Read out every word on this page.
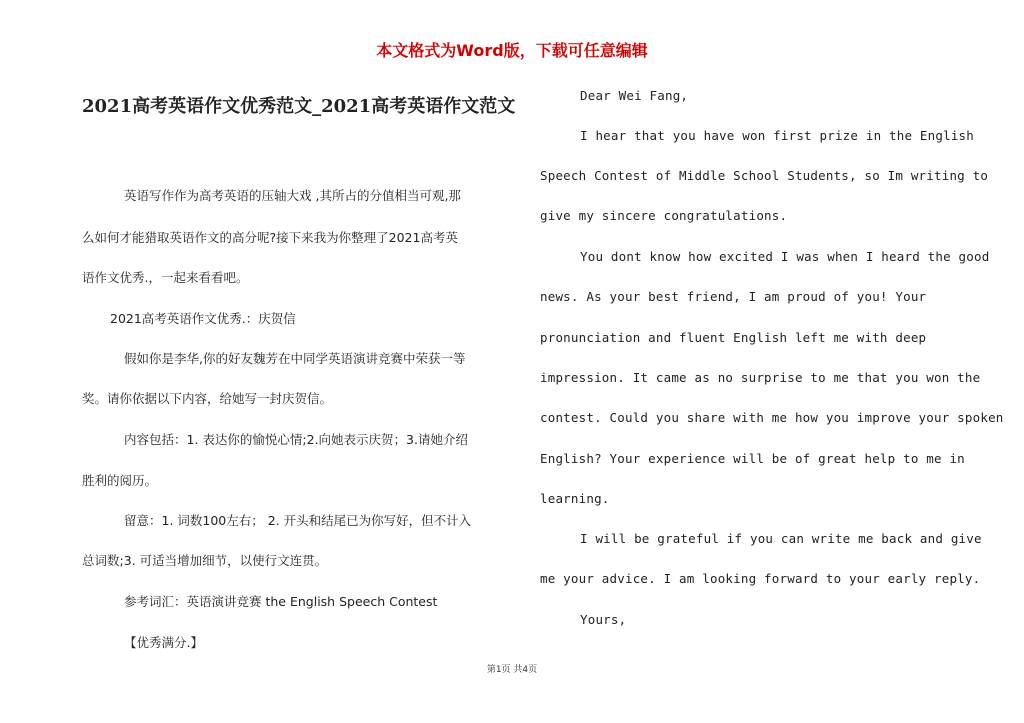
本文格式为Word版，下载可任意编辑
2021高考英语作文优秀范文_2021高考英语作文范文
英语写作作为高考英语的压轴大戏 ,其所占的分值相当可观,那
么如何才能猎取英语作文的高分呢?接下来我为你整理了2021高考英
语作文优秀.，一起来看看吧。
2021高考英语作文优秀.：庆贺信
假如你是李华,你的好友魏芳在中同学英语演讲竞赛中荣获一等
奖。请你依据以下内容，给她写一封庆贺信。
内容包括：1. 表达你的愉悦心情;2.向她表示庆贺；3.请她介绍
胜利的阅历。
留意：1. 词数100左右； 2. 开头和结尾已为你写好，但不计入
总词数;3. 可适当增加细节，以使行文连贯。
参考词汇：英语演讲竞赛 the English Speech Contest
【优秀满分.】
Dear Wei Fang,
I hear that you have won first prize in the English
Speech Contest of Middle School Students, so Im writing to
give my sincere congratulations.
You dont know how excited I was when I heard the good
news. As your best friend, I am proud of you! Your
pronunciation and fluent English left me with deep
impression. It came as no surprise to me that you won the
contest. Could you share with me how you improve your spoken
English? Your experience will be of great help to me in
learning.
I will be grateful if you can write me back and give
me your advice. I am looking forward to your early reply.
Yours,
第1页 共4页
